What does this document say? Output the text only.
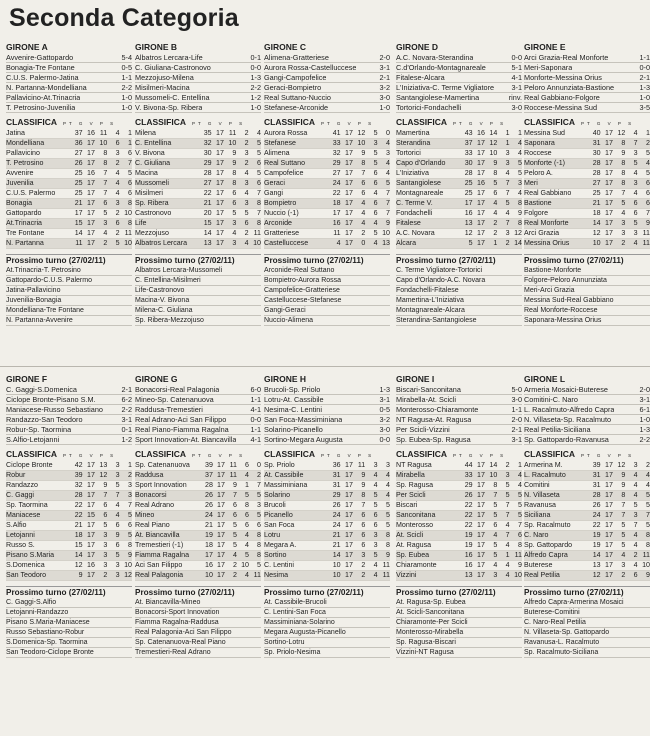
Seconda Categoria
GIRONE A
Avvenire-Gattopardo	5-4
Bonagia-Tre Fontane	0-5
C.U.S. Palermo-Jatina	1-1
N. Partanna-Mondelliana	2-2
Pallavicino-At.Trinacria	1-0
T. Petrosino-Juvenilia	1-0
CLASSIFICA PT G V P S
Jatina	37	16	11	4	1
Mondelliana	36	17	10	6	1
Pallavicino	27	17	8	3	6
T. Petrosino	26	17	8	2	7
Avvenire	25	16	7	4	5
Juvenilia	25	17	7	4	6
C.U.S. Palermo	25	17	7	4	6
Bonagia	21	17	6	3	8
Gattopardo	17	17	5	2	10
At.Trinacria	15	17	3	6	8
Tre Fontane	14	17	4	2	11
N. Partanna	11	17	2	5	10
Prossimo turno (27/02/11)
At.Trinacria-T. Petrosino
Gattopardo-C.U.S. Palermo
Jatina-Pallavicino
Juvenilia-Bonagia
Mondelliana-Tre Fontane
N. Partanna-Avvenire
GIRONE B
Albatros Lercara-Life	0-1
C. Giuliana-Castronovo	0-0
Mezzojuso-Milena	1-3
Misilmeri-Macina	2-2
Mussomeli-C. Entellina	1-2
V. Bivona-Sp. Ribera	1-0
CLASSIFICA PT G V P S
Milena	35	17	11	2	4
C. Entellina	32	17	10	2	5
V. Bivona	30	17	9	3	5
C. Giuliana	29	17	9	2	6
Macina	28	17	8	4	5
Mussomeli	27	17	8	3	6
Misilmeri	22	17	6	4	7
Sp. Ribera	21	17	6	3	8
Castronovo	20	17	5	5	7
Life	15	17	3	6	8
Mezzojuso	14	17	4	2	11
Albatros Lercara	13	17	3	4	10
Prossimo turno (27/02/11)
Albatros Lercara-Mussomeli
C. Entellina-Misilmeri
Life-Castronovo
Macina-V. Bivona
Milena-C. Giuliana
Sp. Ribera-Mezzojuso
GIRONE C
Alimena-Gratteriese	2-0
Aurora Rossa-Castelluccese	3-1
Gangi-Campofelice	2-1
Geraci-Bompietro	3-2
Real Suttano-Nuccio	3-0
Stefanese-Arconide	1-0
CLASSIFICA PT G V P S
Aurora Rossa	41	17	12	5	0
Stefanese	33	17	10	3	4
Alimena	32	17	9	5	3
Real Suttano	29	17	8	5	4
Campofelice	27	17	7	6	4
Geraci	24	17	6	6	5
Gangi	22	17	6	4	7
Bompietro	18	17	4	6	7
Nuccio (-1)	17	17	4	6	7
Arconide	16	17	4	4	9
Gratteriese	11	17	2	5	10
Castelluccese	4	17	0	4	13
Prossimo turno (27/02/11)
Arconide-Real Suttano
Bompietro-Aurora Rossa
Campofelice-Gratteriese
Castelluccese-Stefanese
Gangi-Geraci
Nuccio-Alimena
GIRONE D
A.C. Novara-Sterandina	0-0
C.d'Orlando-Montagnareale	5-1
Fitalese-Alcara	4-1
L'Iniziativa-C. Terme Vigliatore 3-1
Santangiolese-Mamertina	rinv.
Tortorici-Fondachelli	3-0
CLASSIFICA PT G V P S
Mamertina	43	16	14	1	1
Sterandina	37	17	12	1	4
Tortorici	33	17	10	3	4
Capo d'Orlando	30	17	9	3	5
L'Iniziativa	28	17	8	4	5
Santangiolese	25	16	5	7	3
Montagnareale	25	17	6	7	4
C. Terme V.	17	17	4	5	8
Fondachelli	16	17	4	4	9
Fitalese	13	17	2	7	8
A.C. Novara	12	17	2	3	12
Alcara	5	17	1	2	14
Prossimo turno (27/02/11)
C. Terme Vigliatore-Tortorici
Capo d'Orlando-A.C. Novara
Fondachelli-Fitalese
Mamertina-L'Iniziativa
Montagnareale-Alcara
Sterandina-Santangiolese
GIRONE E
Arci Grazia-Real Monforte	1-1
Meri-Saponara	0-0
Monforte-Messina Orius	2-1
Peloro Annunziata-Bastione	1-3
Real Gabbiano-Folgore	1-0
Roccese-Messina Sud	3-5
CLASSIFICA PT G V P S
Messina Sud	40	17	12	4	1
Saponara	31	17	8	7	2
Roccese	30	17	9	3	5
Monforte (-1)	28	17	8	5	4
Peloro A.	28	17	8	4	5
Meri	27	17	8	3	6
Real Gabbiano	25	17	7	4	6
Bastione	21	17	5	6	6
Folgore	18	17	4	6	7
Real Monforte	14	17	3	5	9
Arci Grazia	12	17	3	3	11
Messina Orius	10	17	2	4	11
Prossimo turno (27/02/11)
Bastione-Monforte
Folgore-Peloro Annunziata
Meri-Arci Grazia
Messina Sud-Real Gabbiano
Real Monforte-Roccese
Saponara-Messina Orius
GIRONE F
C. Gaggi-S.Domenica	2-1
Ciclope Bronte-Pisano S.M.	6-2
Maniacese-Russo Sebastiano	2-2
Randazzo-San Teodoro	3-1
Robur-Sp. Taormina	0-1
S.Alfio-Letojanni	1-2
CLASSIFICA PT G V P S
Ciclope Bronte	42	17	13	3	1
Robur	39	17	12	3	2
Randazzo	32	17	9	5	3
C. Gaggi	28	17	7	7	3
Sp. Taormina	22	17	6	4	7
Maniacese	22	15	6	4	5
S.Alfio	21	17	5	6	6
Letojanni	18	17	3	9	5
Russo S.	15	17	3	6	8
Pisano S.Maria	14	17	3	5	9
S.Domenica	12	16	3	3	10
San Teodoro	9	17	2	3	12
Prossimo turno (27/02/11)
C. Gaggi-S.Alfio
Letojanni-Randazzo
Pisano S.Maria-Maniacese
Russo Sebastiano-Robur
S.Domenica-Sp. Taormina
San Teodoro-Ciclope Bronte
GIRONE G
Bonacorsi-Real Palagonia	6-0
Mineo-Sp. Catenanuova	1-1
Raddusa-Tremestieri	4-1
Real Adrano-Aci San Filippo	0-0
Real Piano-Fiamma Ragalna	1-1
Sport Innovation-At. Biancavilla 4-1
CLASSIFICA PT G V P S
Sp. Catenanuova	39	17	11	6	0
Raddusa	37	17	11	4	2
Sport Innovation	28	17	9	1	7
Bonacorsi	26	17	7	5	5
Real Adrano	26	17	6	8	3
Mineo	24	17	6	6	5
Real Piano	21	17	5	6	6
At. Biancavilla	19	17	5	4	8
Tremestieri (-1)	18	17	5	4	8
Fiamma Ragalna	17	17	4	5	8
Aci San Filippo	16	17	2	10	5
Real Palagonia	10	17	2	4	11
Prossimo turno (27/02/11)
At. Biancavilla-Mineo
Bonacorsi-Sport Innovation
Fiamma Ragalna-Raddusa
Real Palagonia-Aci San Filippo
Sp. Catenanuova-Real Piano
Tremestieri-Real Adrano
GIRONE H
Brucoli-Sp. Priolo	1-3
Lotru-At. Cassibile	3-1
Nesima-C. Lentini	0-5
San Foca-Massiminiana	3-2
Solarino-Picanello	3-0
Sortino-Megara Augusta	0-0
CLASSIFICA PT G V P S
Sp. Priolo	36	17	11	3	3
At. Cassibile	31	17	9	4	4
Massiminiana	31	17	9	4	4
Solarino	29	17	8	5	4
Brucoli	26	17	7	5	5
Picanello	24	17	6	6	5
San Foca	24	17	6	6	5
Lotru	21	17	6	3	8
Megara A.	21	17	6	3	8
Sortino	14	17	3	5	9
C. Lentini	10	17	2	4	11
Nesima	10	17	2	4	11
Prossimo turno (27/02/11)
At. Cassibile-Brucoli
C. Lentini-San Foca
Massiminiana-Solarino
Megara Augusta-Picanello
Sortino-Lotru
Sp. Priolo-Nesima
GIRONE I
Biscari-Sanconitana	5-0
Mirabella-At. Scicli	3-0
Monterosso-Chiaramonte	1-1
NT Ragusa-At. Ragusa	2-0
Per Scicli-Vizzini	2-1
Sp. Eubea-Sp. Ragusa	3-1
CLASSIFICA PT G V P S
NT Ragusa	44	17	14	2	1
Mirabella	33	17	10	3	4
Sp. Ragusa	29	17	8	5	4
Per Scicli	26	17	7	5	5
Biscari	22	17	5	7	5
Sanconitana	22	17	5	7	5
Monterosso	22	17	6	4	7
At. Scicli	19	17	4	7	6
At. Ragusa	19	17	5	4	8
Sp. Eubea	16	17	5	1	11
Chiaramonte	16	17	4	4	9
Vizzini	13	17	3	4	10
Prossimo turno (27/02/11)
At. Ragusa-Sp. Eubea
At. Scicli-Sanconitana
Chiaramonte-Per Scicli
Monterosso-Mirabella
Sp. Ragusa-Biscari
Vizzini-NT Ragusa
GIRONE L
Armeria Mosaici-Buterese	2-0
Comitini-C. Naro	3-1
L. Racalmuto-Alfredo Capra	6-1
N. Villaseta-Sp. Racalmuto	1-0
Real Petilia-Siciliana	1-3
Sp. Gattopardo-Ravanusa	2-2
CLASSIFICA PT G V P S
Armerina M.	39	17	12	3	2
L. Racalmuto	31	17	9	4	4
Comitini	31	17	9	4	4
N. Villaseta	28	17	8	4	5
Ravanusa	26	17	7	5	5
Siciliana	24	17	7	3	7
Sp. Racalmuto	22	17	5	7	5
C. Naro	19	17	5	4	8
Sp. Gattopardo	19	17	5	4	8
Alfredo Capra	14	17	4	2	11
Buterese	13	17	3	4	10
Real Petilia	12	17	2	6	9
Prossimo turno (27/02/11)
Alfredo Capra-Armerina Mosaici
Buterese-Comitini
C. Naro-Real Petilia
N. Villaseta-Sp. Gattopardo
Ravanusa-L. Racalmuto
Sp. Racalmuto-Siciliana
